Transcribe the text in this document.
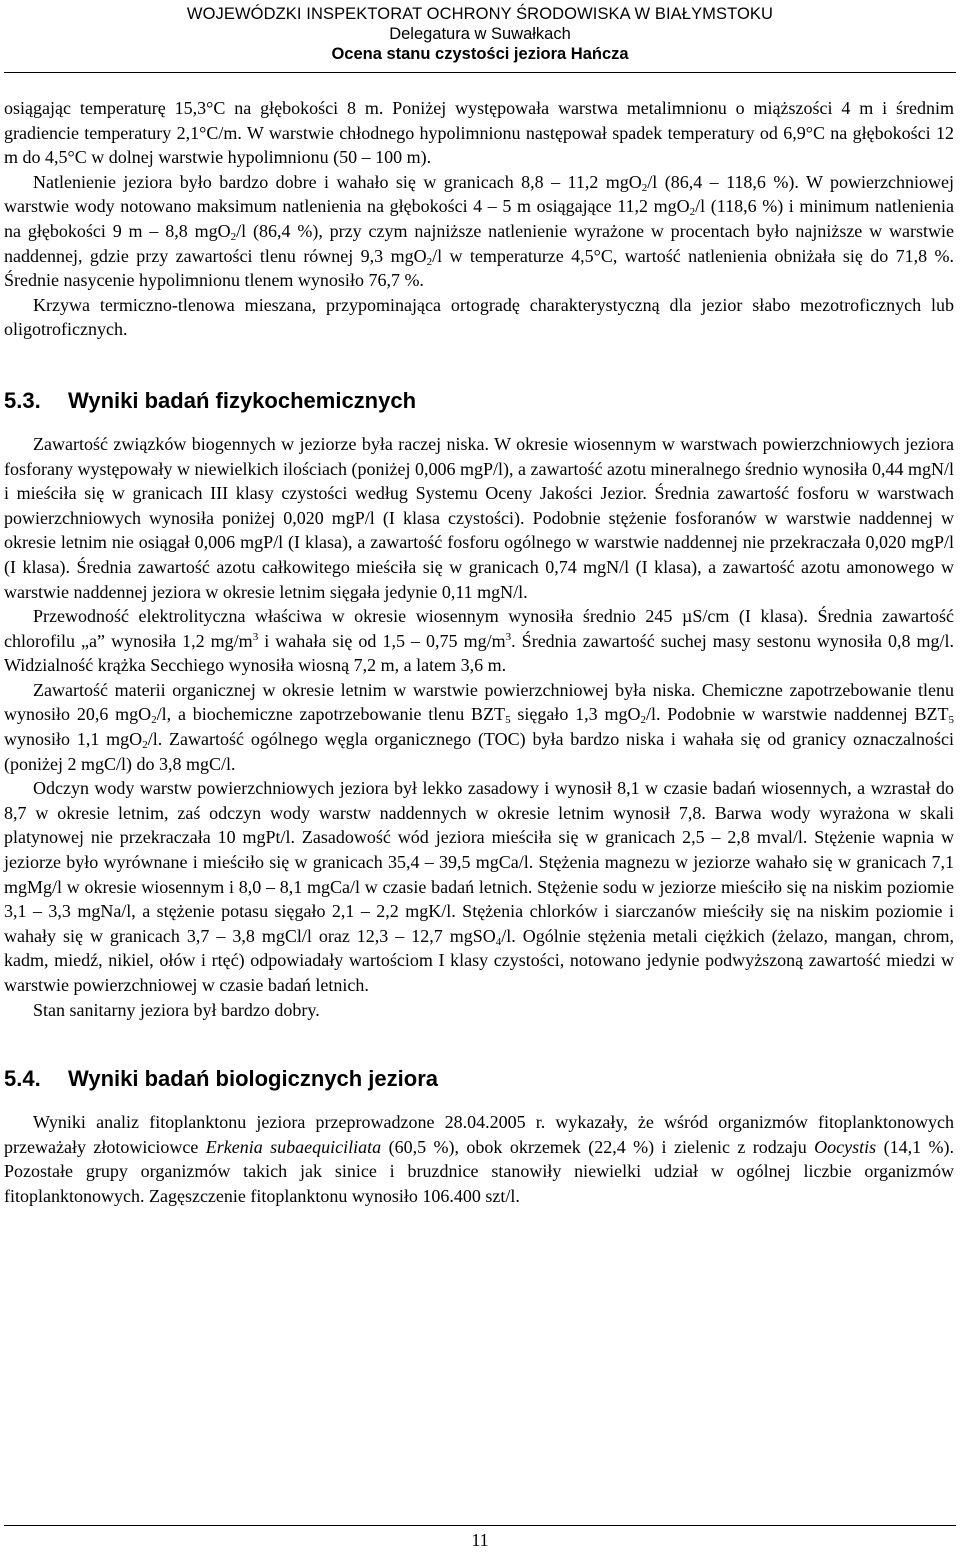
WOJEWÓDZKI INSPEKTORAT OCHRONY ŚRODOWISKA W BIAŁYMSTOKU
Delegatura w Suwałkach
Ocena stanu czystości jeziora Hańcza

osiągając temperaturę 15,3°C na głębokości 8 m. Poniżej występowała warstwa metalimnionu o miąższości 4 m i średnim gradiencie temperatury 2,1°C/m. W warstwie chłodnego hypolimnionu następował spadek temperatury od 6,9°C na głębokości 12 m do 4,5°C w dolnej warstwie hypolimnionu (50 – 100 m).

Natlenienie jeziora było bardzo dobre i wahało się w granicach 8,8 – 11,2 mgO$_2$/l (86,4 – 118,6 %). W powierzchniowej warstwie wody notowano maksimum natlenienia na głębokości 4 – 5 m osiągające 11,2 mgO$_2$/l (118,6 %) i minimum natlenienia na głębokości 9 m – 8,8 mgO$_2$/l (86,4 %), przy czym najniższe natlenienie wyrażone w procentach było najniższe w warstwie naddennej, gdzie przy zawartości tlenu równej 9,3 mgO$_2$/l w temperaturze 4,5°C, wartość natlenienia obniżała się do 71,8 %. Średnie nasycenie hypolimnionu tlenem wynosiło 76,7 %.

Krzywa termiczno-tlenowa mieszana, przypominająca ortogradę charakterystyczną dla jezior słabo mezotroficznych lub oligotroficznych.

5.3. Wyniki badań fizykochemicznych

Zawartość związków biogennych w jeziorze była raczej niska. W okresie wiosennym w warstwach powierzchniowych jeziora fosforany występowały w niewielkich ilościach (poniżej 0,006 mgP/l), a zawartość azotu mineralnego średnio wynosiła 0,44 mgN/l i mieściła się w granicach III klasy czystości według Systemu Oceny Jakości Jezior. Średnia zawartość fosforu w warstwach powierzchniowych wynosiła poniżej 0,020 mgP/l (I klasa czystości). Podobnie stężenie fosforanów w warstwie naddennej w okresie letnim nie osiągał 0,006 mgP/l (I klasa), a zawartość fosforu ogólnego w warstwie naddennej nie przekraczała 0,020 mgP/l (I klasa). Średnia zawartość azotu całkowitego mieściła się w granicach 0,74 mgN/l (I klasa), a zawartość azotu amonowego w warstwie naddennej jeziora w okresie letnim sięgała jedynie 0,11 mgN/l.

Przewodność elektrolityczna właściwa w okresie wiosennym wynosiła średnio 245 µS/cm (I klasa). Średnia zawartość chlorofilu „a” wynosiła 1,2 $mg/m^3$ i wahała się od 1,5 – 0,75 $mg/m^3$. Średnia zawartość suchej masy sestonu wynosiła 0,8 mg/l. Widzialność krążka Secchiego wynosiła wiosną 7,2 m, a latem 3,6 m.

Zawartość materii organicznej w okresie letnim w warstwie powierzchniowej była niska. Chemiczne zapotrzebowanie tlenu wynosiło 20,6 mgO$_2$/l, a biochemiczne zapotrzebowanie tlenu $BZT_5$ sięgało 1,3 mgO$_2$/l. Podobnie w warstwie naddennej $BZT_5$ wynosiło 1,1 mgO$_2$/l. Zawartość ogólnego węgla organicznego (TOC) była bardzo niska i wahała się od granicy oznaczalności (poniżej 2 mgC/l) do 3,8 mgC/l.

Odczyn wody warstw powierzchniowych jeziora był lekko zasadowy i wynosił 8,1 w czasie badań wiosennych, a wzrastał do 8,7 w okresie letnim, zaś odczyn wody warstw naddennych w okresie letnim wynosił 7,8. Barwa wody wyrażona w skali platynowej nie przekraczała 10 mgPt/l. Zasadowość wód jeziora mieściła się w granicach 2,5 – 2,8 mval/l. Stężenie wapnia w jeziorze było wyrównane i mieściło się w granicach 35,4 – 39,5 mgCa/l. Stężenia magnezu w jeziorze wahało się w granicach 7,1 mgMg/l w okresie wiosennym i 8,0 – 8,1 mgCa/l w czasie badań letnich. Stężenie sodu w jeziorze mieściło się na niskim poziomie 3,1 – 3,3 mgNa/l, a stężenie potasu sięgało 2,1 – 2,2 mgK/l. Stężenia chlorków i siarczanów mieściły się na niskim poziomie i wahały się w granicach 3,7 – 3,8 mgCl/l oraz 12,3 – 12,7 mgSO$_4$/l. Ogólnie stężenia metali ciężkich (żelazo, mangan, chrom, kadm, miedź, nikiel, ołów i rtęć) odpowiadały wartościom I klasy czystości, notowano jedynie podwyższoną zawartość miedzi w warstwie powierzchniowej w czasie badań letnich.

Stan sanitarny jeziora był bardzo dobry.

5.4. Wyniki badań biologicznych jeziora

Wyniki analiz fitoplanktonu jeziora przeprowadzone 28.04.2005 r. wykazały, że wśród organizmów fitoplanktonowych przeważały złotowiciowce Erkenia subaequiciliata (60,5 %), obok okrzemek (22,4 %) i zielenic z rodzaju Oocystis (14,1 %). Pozostałe grupy organizmów takich jak sinice i bruzdnice stanowiły niewielki udział w ogólnej liczbie organizmów fitoplanktonowych. Zagęszczenie fitoplanktonu wynosiło 106.400 szt/l.

11
